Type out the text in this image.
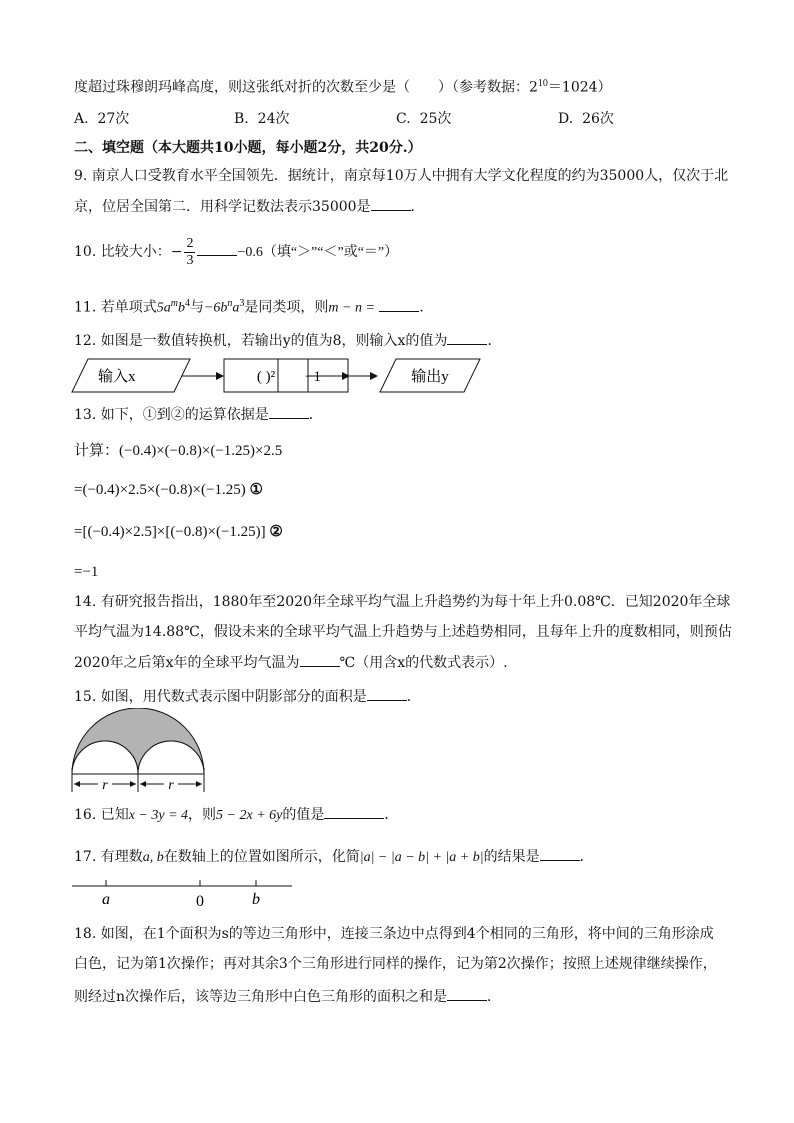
度超过珠穆朗玛峰高度，则这张纸对折的次数至少是（　　）（参考数据：$2^{10}=1024$）
A. 27次	B. 24次	C. 25次	D. 26次
二、填空题（本大题共10小题，每小题2分，共20分.）
9. 南京人口受教育水平全国领先．据统计，南京每10万人中拥有大学文化程度的约为35000人，仅次于北
京，位居全国第二．用科学记数法表示35000是	．
10. 比较大小：− $\frac{2}{3}$	−0.6（填“＞”“＜”或“＝”）
11. 若单项式$5a^mb^4$与$-6b^na^3$是同类项，则m − n =	．
12. 如图是一数值转换机，若输出y的值为8，则输入x的值为	．
输入x	( )² −1	输出y
13. 如下，①到②的运算依据是	．
计算：(−0.4)×(−0.8)×(−1.25)×2.5
=(−0.4)×2.5×(−0.8)×(−1.25) ①
=[(−0.4)×2.5]×[(−0.8)×(−1.25)] ②
=−1
14. 有研究报告指出，1880年至2020年全球平均气温上升趋势约为每十年上升0.08℃．已知2020年全球
平均气温为14.88℃，假设未来的全球平均气温上升趋势与上述趋势相同，且每年上升的度数相同，则预估
2020年之后第x年的全球平均气温为	℃（用含x的代数式表示）.
15. 如图，用代数式表示图中阴影部分的面积是	．
r	r
16. 已知x − 3y = 4，则5 − 2x + 6y的值是	．
17. 有理数a, b在数轴上的位置如图所示，化简|a| − |a − b| + |a + b|的结果是	．
a	0	b
18. 如图，在1个面积为s的等边三角形中，连接三条边中点得到4个相同的三角形，将中间的三角形涂成
白色，记为第1次操作；再对其余3个三角形进行同样的操作，记为第2次操作；按照上述规律继续操作，
则经过n次操作后，该等边三角形中白色三角形的面积之和是	．
